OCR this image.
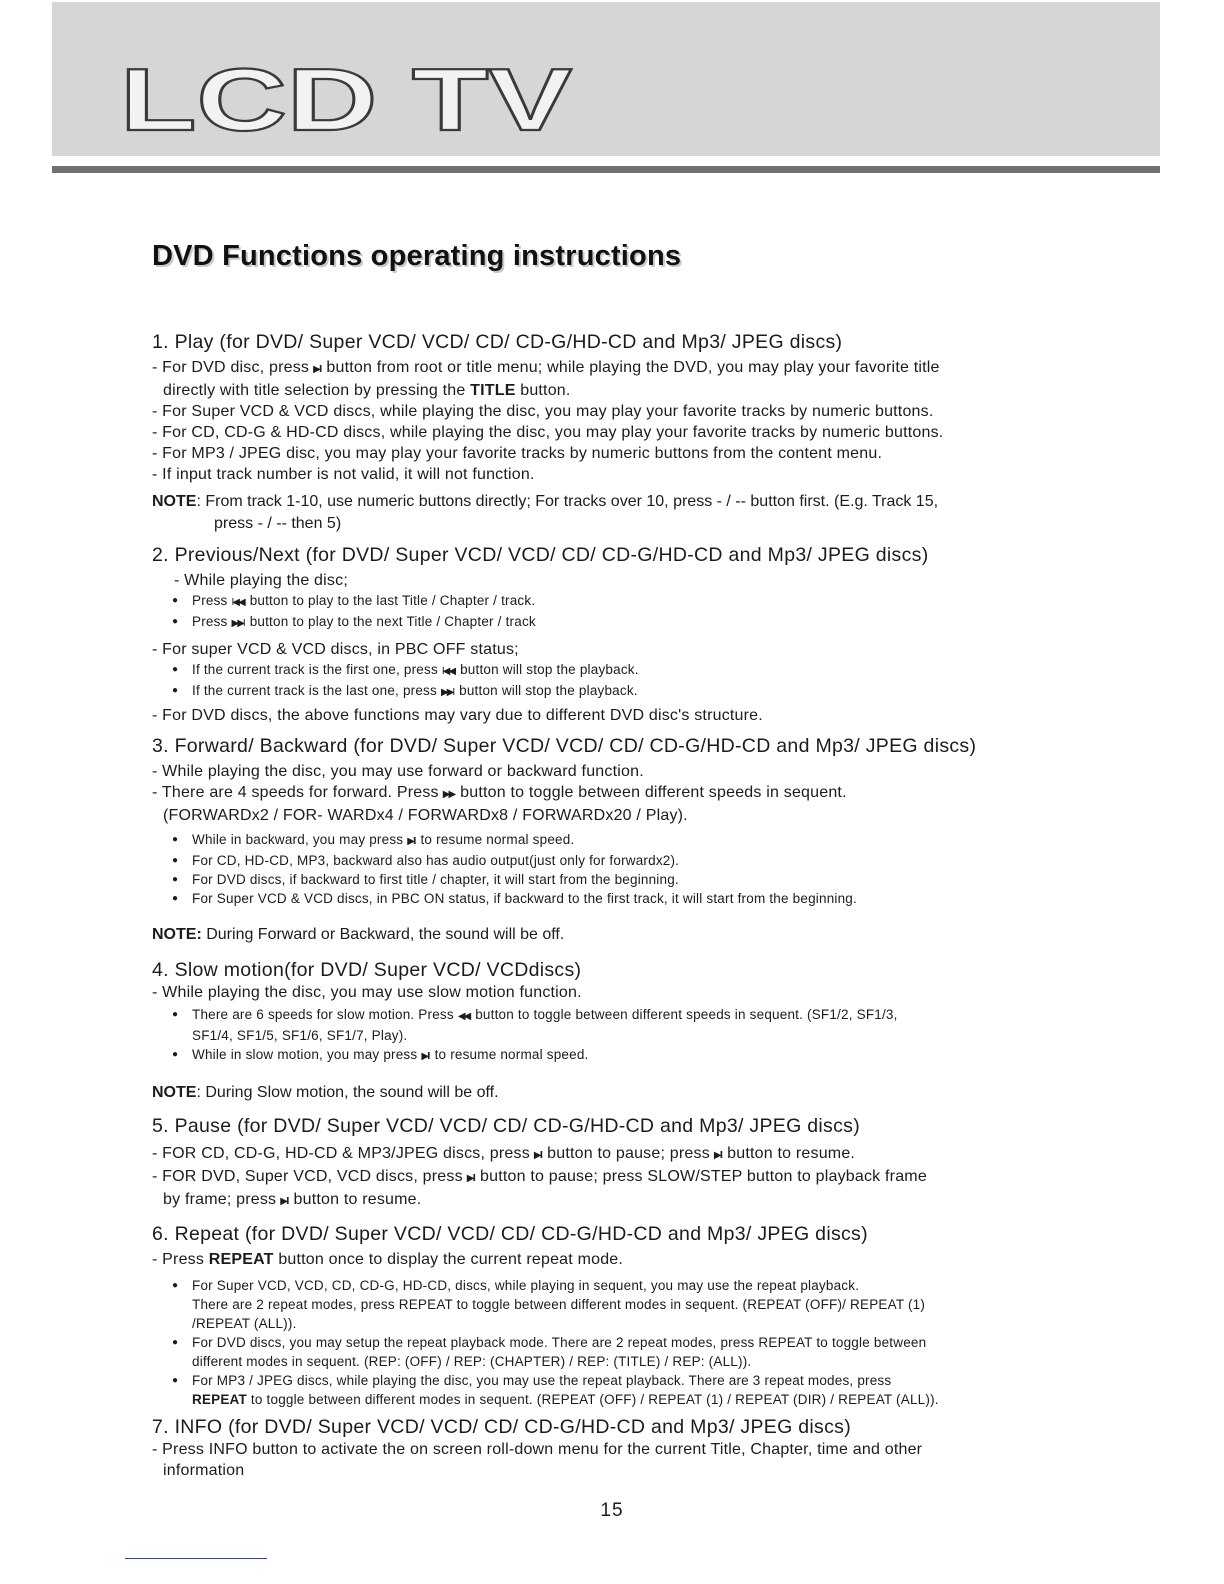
LCD TV
DVD Functions operating instructions

1. Play (for DVD/ Super VCD/ VCD/ CD/ CD-G/HD-CD and Mp3/ JPEG discs)

- For DVD disc, press ▶II button from root or title menu; while playing the DVD, you may play your favorite title

directly with title selection by pressing the TITLE button.

- For Super VCD & VCD discs, while playing the disc, you may play your favorite tracks by numeric buttons.

- For CD, CD-G & HD-CD discs, while playing the disc, you may play your favorite tracks by numeric buttons.

- For MP3 / JPEG disc, you may play your favorite tracks by numeric buttons from the content menu.

- If input track number is not valid, it will not function.

NOTE: From track 1-10, use numeric buttons directly; For tracks over 10, press - / -- button first. (E.g. Track 15,

press - / -- then 5)

2. Previous/Next (for DVD/ Super VCD/ VCD/ CD/ CD-G/HD-CD and Mp3/ JPEG discs)

- While playing the disc;

● Press I◀◀ button to play to the last Title / Chapter / track.

● Press ▶▶I button to play to the next Title / Chapter / track

- For super VCD & VCD discs, in PBC OFF status;

● If the current track is the first one, press I◀◀ button will stop the playback.

● If the current track is the last one, press ▶▶I button will stop the playback.

- For DVD discs, the above functions may vary due to different DVD disc's structure.

3. Forward/ Backward (for DVD/ Super VCD/ VCD/ CD/ CD-G/HD-CD and Mp3/ JPEG discs)

- While playing the disc, you may use forward or backward function.

- There are 4 speeds for forward. Press ▶▶ button to toggle between different speeds in sequent.

(FORWARDx2 / FOR- WARDx4 / FORWARDx8 / FORWARDx20 / Play).

● While in backward, you may press ▶II to resume normal speed.

● For CD, HD-CD, MP3, backward also has audio output(just only for forwardx2).

● For DVD discs, if backward to first title / chapter, it will start from the beginning.

● For Super VCD & VCD discs, in PBC ON status, if backward to the first track, it will start from the beginning.

NOTE: During Forward or Backward, the sound will be off.

4. Slow motion(for DVD/ Super VCD/ VCDdiscs)

- While playing the disc, you may use slow motion function.

● There are 6 speeds for slow motion. Press ◀◀ button to toggle between different speeds in sequent. (SF1/2, SF1/3,

SF1/4, SF1/5, SF1/6, SF1/7, Play).

● While in slow motion, you may press ▶II to resume normal speed.

NOTE: During Slow motion, the sound will be off.

5. Pause (for DVD/ Super VCD/ VCD/ CD/ CD-G/HD-CD and Mp3/ JPEG discs)

- FOR CD, CD-G, HD-CD & MP3/JPEG discs, press ▶II button to pause; press ▶II button to resume.

- FOR DVD, Super VCD, VCD discs, press ▶II button to pause; press SLOW/STEP button to playback frame

by frame; press ▶II button to resume.

6. Repeat (for DVD/ Super VCD/ VCD/ CD/ CD-G/HD-CD and Mp3/ JPEG discs)

- Press REPEAT button once to display the current repeat mode.

● For Super VCD, VCD, CD, CD-G, HD-CD, discs, while playing in sequent, you may use the repeat playback.

There are 2 repeat modes, press REPEAT to toggle between different modes in sequent. (REPEAT (OFF)/ REPEAT (1)

/REPEAT (ALL)).

● For DVD discs, you may setup the repeat playback mode. There are 2 repeat modes, press REPEAT to toggle between

different modes in sequent. (REP: (OFF) / REP: (CHAPTER) / REP: (TITLE) / REP: (ALL)).

● For MP3 / JPEG discs, while playing the disc, you may use the repeat playback. There are 3 repeat modes, press

REPEAT to toggle between different modes in sequent. (REPEAT (OFF) / REPEAT (1) / REPEAT (DIR) / REPEAT (ALL)).

7. INFO (for DVD/ Super VCD/ VCD/ CD/ CD-G/HD-CD and Mp3/ JPEG discs)

- Press INFO button to activate the on screen roll-down menu for the current Title, Chapter, time and other

information

15
